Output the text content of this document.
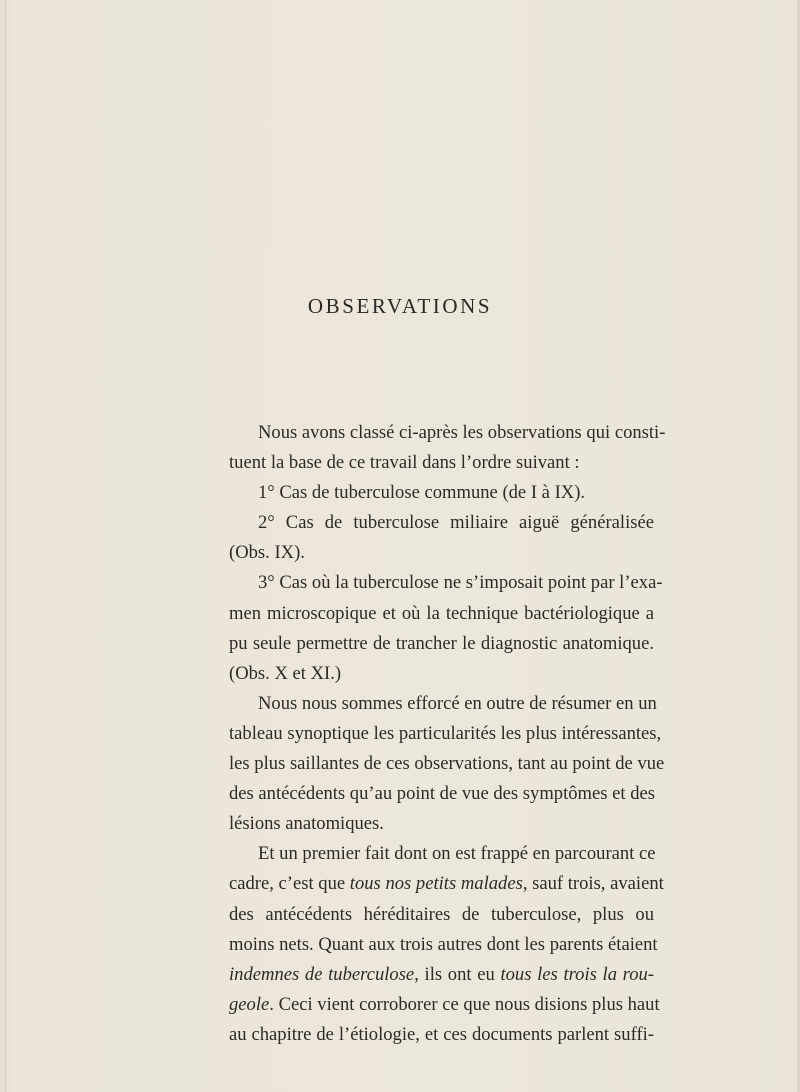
OBSERVATIONS

Nous avons classé ci-après les observations qui consti-

tuent la base de ce travail dans l’ordre suivant :

1° Cas de tuberculose commune (de I à IX).

2° Cas de tuberculose miliaire aiguë généralisée

(Obs. IX).

3° Cas où la tuberculose ne s’imposait point par l’exa-

men microscopique et où la technique bactériologique a

pu seule permettre de trancher le diagnostic anatomique.

(Obs. X et XI.)

Nous nous sommes efforcé en outre de résumer en un

tableau synoptique les particularités les plus intéressantes,

les plus saillantes de ces observations, tant au point de vue

des antécédents qu’au point de vue des symptômes et des

lésions anatomiques.

Et un premier fait dont on est frappé en parcourant ce

cadre, c’est que tous nos petits malades, sauf trois, avaient

des antécédents héréditaires de tuberculose, plus ou

moins nets. Quant aux trois autres dont les parents étaient

indemnes de tuberculose, ils ont eu tous les trois la rou-

geole. Ceci vient corroborer ce que nous disions plus haut

au chapitre de l’étiologie, et ces documents parlent suffi-
